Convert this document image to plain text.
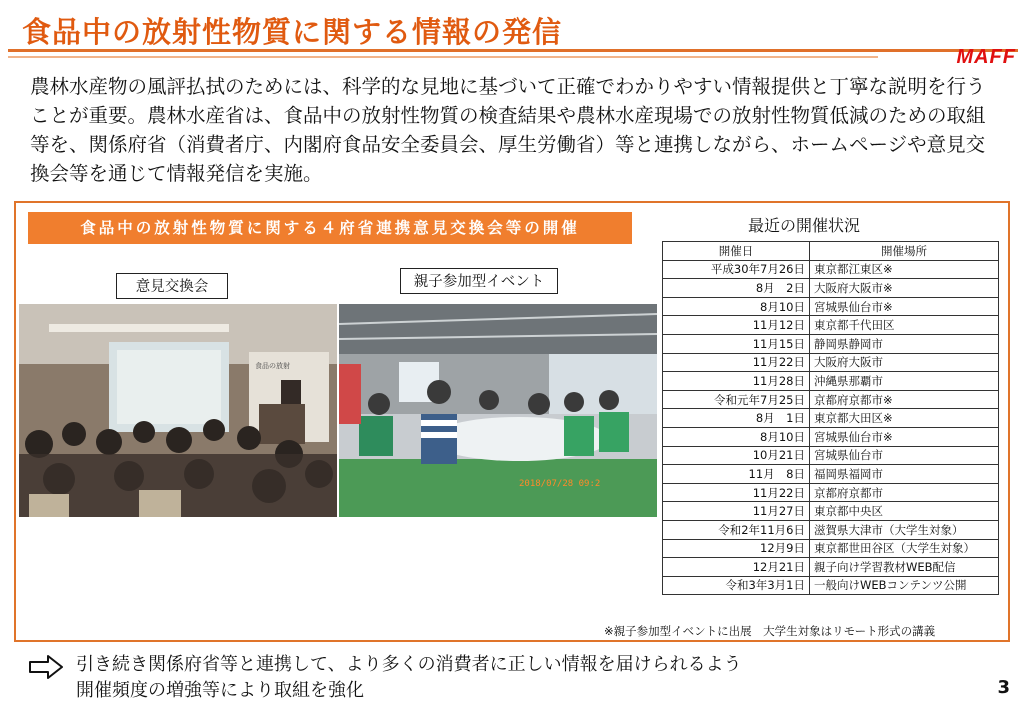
食品中の放射性物質に関する情報の発信
MAFF
農林水産物の風評払拭のためには、科学的な見地に基づいて正確でわかりやすい情報提供と丁寧な説明を行うことが重要。農林水産省は、食品中の放射性物質の検査結果や農林水産現場での放射性物質低減のための取組等を、関係府省（消費者庁、内閣府食品安全委員会、厚生労働省）等と連携しながら、ホームページや意見交換会等を通じて情報発信を実施。
食品中の放射性物質に関する４府省連携意見交換会等の開催
意見交換会	親子参加型イベント
食品の放射
2018/07/28 09:2
最近の開催状況
開催日	開催場所
平成30年7月26日	東京都江東区※
8月　2日	大阪府大阪市※
8月10日	宮城県仙台市※
11月12日	東京都千代田区
11月15日	静岡県静岡市
11月22日	大阪府大阪市
11月28日	沖縄県那覇市
令和元年7月25日	京都府京都市※
8月　1日	東京都大田区※
8月10日	宮城県仙台市※
10月21日	宮城県仙台市
11月　8日	福岡県福岡市
11月22日	京都府京都市
11月27日	東京都中央区
令和2年11月6日	滋賀県大津市（大学生対象）
12月9日	東京都世田谷区（大学生対象）
12月21日	親子向け学習教材WEB配信
令和3年3月1日	一般向けWEBコンテンツ公開
※親子参加型イベントに出展　大学生対象はリモート形式の講義
引き続き関係府省等と連携して、より多くの消費者に正しい情報を届けられるよう
開催頻度の増強等により取組を強化	3
